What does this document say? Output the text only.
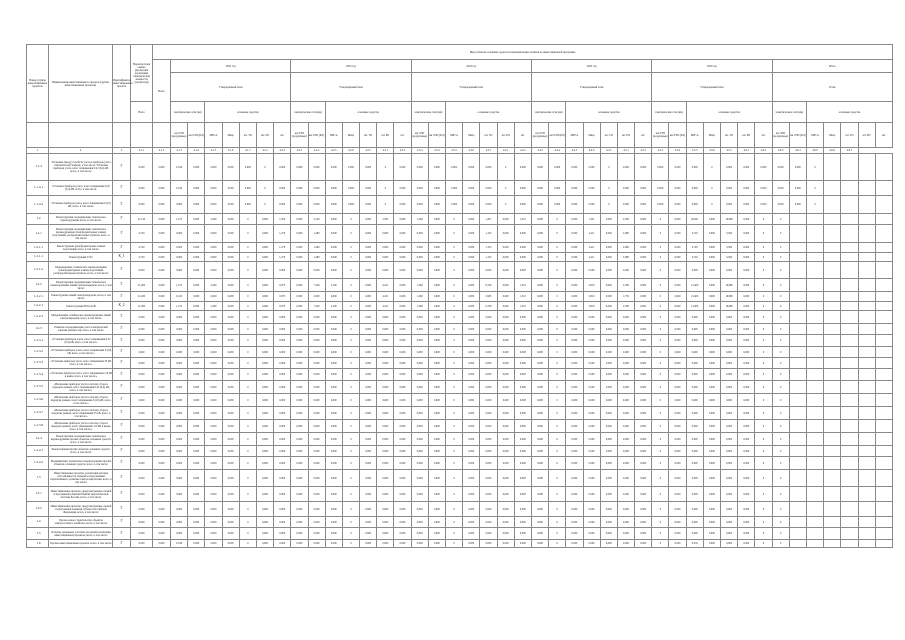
Номер группы инвестиционных проектов	Наименование инвестиционного проекта (группы инвестиционных проектов)	Идентификатор инвестиционного проекта	Вероятностная оценка (пропорция реализации электрической мощности (проценты))	Ввод объектов основных средств и нематериальных активов по инвестиционной программе																																										
				Всего	2022 год							2023 год							2024 год							2025 год							2026 год							Итого						
					Утвержденный план							Утвержденный план							Утвержденный план							Утвержденный план							Утвержденный план							План						
			Всего		электрические сети (км)		основные средства					электрические сети (км)		основные средства					электрические сети (км)		основные средства					электрические сети (км)		основные средства					электрические сети (км)		основные средства					электрические сети (км)		основные средства				
					км ЛЭП (воздушные)	км ЛЭП (КЛ)	МВ×А	Мвар	шт. ТП	шт. РП	шт.	км ЛЭП (воздушные)	км ЛЭП (КЛ)	МВ×А	Мвар	шт. ТП	шт. РП	шт.	км ЛЭП (воздушные)	км ЛЭП (КЛ)	МВ×А	Мвар	шт. ТП	шт. РП	шт.	км ЛЭП (воздушные)	км ЛЭП (КЛ)	МВ×А	Мвар	шт. ТП	шт. РП	шт.	км ЛЭП (воздушные)	км ЛЭП (КЛ)	МВ×А	Мвар	шт. ТП	шт. РП	шт.	км ЛЭП (воздушные)	км ЛЭП (КЛ)	МВ×А	Мвар	шт. ТП	шт. РП	шт.
1	2	3	4.1.1	4.1.2	4.1.3	4.1.4	4.1.5	4.1.6	4.1.7	4.2.1	4.2.2	4.2.3	4.2.4	4.2.5	4.2.6	4.2.7	4.3.1	4.3.2	4.3.3	4.3.4	4.3.5	4.3.6	4.3.7	4.4.1	4.4.2	4.4.3	4.4.4	4.4.5	4.4.6	4.4.7	4.5.1	4.5.2	4.5.3	4.5.4	4.5.5	4.5.6	4.5.7	4.6.1	4.6.2	4.6.3	4.6.4	4.6.5	4.6.6	4.6.7		
1.1.4	Установка (ввод) устройств учета и приборов учета электрической энергии, в том числе: Установка приборов учета, класс напряжения 0,22 (0,4) кВ, всего, в том числе:	Г	0,000	0,000	0,196	0,000	0,000	0,000	0,000	0	0,000	0,096	0,000	0,000	0,000	0,000	0	0,000	0,000	0,000	0,000	0,000	0,000	0	0,000	0,000	0,000	0,000	0,000	0	0,000	0,000	0,000	0,000	0,000	0	0,000	0,000	0,000	0,000	0,000	0				
1.1.4.1	Установка приборов учета, класс напряжения 0,22 (0,4) кВ, всего, в том числе:	Г	0,000	0,000	0,196	0,000	0,000	0,000	0,000	0	0,000	0,096	0,000	0,000	0,000	0,000	0	0,000	0,000	0,000	0,000	0,000	0,000	0	0,000	0,000	0,000	0,000	0,000	0	0,000	0,000	0,000	0,000	0,000	0	0,000	0,000	0,000	0,000	0,000	0				
1.1.4.2	Установка приборов учета, класс напряжения 6 (10) кВ, всего, в том числе:	Г	0,000	0,000	0,000	0,000	0,000	0,000	0,000	0	0,000	0,000	0,000	0,000	0,000	0,000	0	0,000	0,000	0,000	0,000	0,000	0,000	0	0,000	0,000	0,000	0,000	0,000	0	0,000	0,000	0,000	0,000	0,000	0	0,000	0,000	0,000	0,000	0,000	0				
1.2	Реконструкция, модернизация, техническое перевооружение всего, в том числе:	Г	21,120	0,000	1,272	0,000	2,400	0,000	0	0,000	1,050	0,000	2,140	0,000	0	0,000	2,395	0,000	1,260	0,000	0	0,000	1,207	0,000	1,510	0,000	0	0,000	1,331	0,000	2,580	0,000	0	0,000	26,941	0,000	19,896	0,000	0	0						
1.2.1	Реконструкция, модернизация, техническое перевооружение трансформаторных и иных подстанций, распределительных пунктов, всего, в том числе:	Г	4,720	0,000	0,000	0,000	0,000	0,000	0	0,000	1,270	0,000	1,480	0,000	0	0,000	0,000	0,000	0,000	0,000	0	0,000	1,135	0,000	0,000	0,000	0	0,000	2,411	0,000	2,080	0,000	0	0,000	4,720	0,000	3,560	0,000	0	0						
1.2.1.1	Реконструкция трансформаторных и иных подстанций, всего, в том числе:	Г	4,720	0,000	0,000	0,000	0,000	0,000	0	0,000	1,270	0,000	1,480	0,000	0	0,000	0,000	0,000	0,000	0,000	0	0,000	1,135	0,000	0,000	0,000	0	0,000	2,411	0,000	2,080	0,000	0	0,000	4,720	0,000	3,560	0,000	0	0						
1.2.1.1	Реконструкция ТП-2	К_1	4,720	0,000	0,000	0,000	0,000	0,000	0	0,000	1,270	0,000	1,480	0,000	0	0,000	0,000	0,000	0,000	0,000	0	0,000	1,135	0,000	0,000	0,000	0	0,000	2,411	0,000	2,080	0,000	0	0,000	4,720	0,000	3,560	0,000	0	0						
1.2.1.2	Модернизация, техническое перевооружение трансформаторных и иных подстанций, распределительных пунктов, всего, в том числе:	Г	0,000	0,000	0,000	0,000	0,000	0,000	0	0,000	0,000	0,000	0,000	0,000	0	0,000	0,000	0,000	0,000	0,000	0	0,000	0,000	0,000	0,000	0,000	0	0,000	0,000	0,000	0,000	0,000	0	0,000	0,000	0,000	0,000	0,000	0	0						
1.2.2	Реконструкция, модернизация, техническое перевооружение линий электропередачи, всего, в том числе:	Г	21,400	0,000	1,272	0,000	2,400	0,000	0	0,000	0,873	0,000	7,540	2,100	0	0,000	4,221	0,000	1,260	0,000	0	0,000	6,760	0,000	1,510	0,000	0	0,000	3,810	0,000	2,580	0,000	0	0,000	21,400	0,000	19,896	0,000	0	0						
1.2.2.1	Реконструкция линий электропередачи, всего, в том числе:	Г	21,400	0,000	0,140	0,000	0,000	0,000	0	0,000	0,873	0,000	2,000	0,000	0	0,000	4,221	0,000	1,260	0,000	0	0,000	2,985	0,000	1,510	0,000	0	0,000	3,810	0,000	1,750	0,000	0	0,000	21,400	0,000	19,896	0,000	0	0						
1.2.2.1	Реконструкция ВЛ-0,4 кВ	К_2	21,400	0,000	1,272	0,000	2,400	0,000	0	0,000	0,873	0,000	7,540	2,100	0	0,000	4,221	0,000	1,260	0,000	0	0,000	6,760	0,000	1,510	0,000	0	0,000	3,810	0,000	2,580	0,000	0	0,000	21,400	0,000	19,896	0,000	0	0						
1.2.2.2	Модернизация, техническое перевооружение линий электропередачи, всего, в том числе:	Г	0,000	0,000	0,000	0,000	0,000	0,000	0	0,000	0,000	0,000	0,000	0,000	0	0,000	0,000	0,000	0,000	0,000	0	0,000	0,000	0,000	0,000	0,000	0	0,000	0,000	0,000	0,000	0,000	0	0,000	0,000	0,000	0,000	0,000	0	0						
1.2.3	Развитие и модернизация учета электрической энергии (мощности), всего, в том числе:	Г	0,000	0,000	0,000	0,000	0,000	0,000	0	0,000	0,000	0,000	0,000	0,000	0	0,000	0,000	0,000	0,000	0,000	0	0,000	0,000	0,000	0,000	0,000	0	0,000	0,000	0,000	0,000	0,000	0	0,000	0,000	0,000	0,000	0,000	0	0						
1.2.3.1	«Установка приборов учета, класс напряжения 0,22 (0,4) кВ, всего, в том числе:»	Г	0,000	0,000	0,000	0,000	0,000	0,000	0	0,000	0,000	0,000	0,000	0,000	0	0,000	0,000	0,000	0,000	0,000	0	0,000	0,000	0,000	0,000	0,000	0	0,000	0,000	0,000	0,000	0,000	0	0,000	0,000	0,000	0,000	0,000	0	0						
1.2.3.2	«Установка приборов учета, класс напряжения 6 (10) кВ, всего, в том числе:»	Г	0,000	0,000	0,000	0,000	0,000	0,000	0	0,000	0,000	0,000	0,000	0,000	0	0,000	0,000	0,000	0,000	0,000	0	0,000	0,000	0,000	0,000	0,000	0	0,000	0,000	0,000	0,000	0,000	0	0,000	0,000	0,000	0,000	0,000	0	0						
1.2.3.3	«Установка приборов учета, класс напряжения 35 кВ, всего, в том числе:»	Г	0,000	0,000	0,000	0,000	0,000	0,000	0	0,000	0,000	0,000	0,000	0,000	0	0,000	0,000	0,000	0,000	0,000	0	0,000	0,000	0,000	0,000	0,000	0	0,000	0,000	0,000	0,000	0,000	0	0,000	0,000	0,000	0,000	0,000	0	0						
1.2.3.4	«Установка приборов учета, класс напряжения 110 кВ и выше, всего, в том числе:»	Г	0,000	0,000	0,000	0,000	0,000	0,000	0	0,000	0,000	0,000	0,000	0,000	0	0,000	0,000	0,000	0,000	0,000	0	0,000	0,000	0,000	0,000	0,000	0	0,000	0,000	0,000	0,000	0,000	0	0,000	0,000	0,000	0,000	0,000	0	0						
1.2.3.5	«Включение приборов учета в систему сбора и передачи данных, класс напряжения 0,22 (0,4) кВ, всего, в том числе:»	Г	0,000	0,000	0,000	0,000	0,000	0,000	0	0,000	0,000	0,000	0,000	0,000	0	0,000	0,000	0,000	0,000	0,000	0	0,000	0,000	0,000	0,000	0,000	0	0,000	0,000	0,000	0,000	0,000	0	0,000	0,000	0,000	0,000	0,000	0	0						
1.2.3.6	«Включение приборов учета в систему сбора и передачи данных, класс напряжения 6 (10) кВ, всего, в том числе:»	Г	0,000	0,000	0,000	0,000	0,000	0,000	0	0,000	0,000	0,000	0,000	0,000	0	0,000	0,000	0,000	0,000	0,000	0	0,000	0,000	0,000	0,000	0,000	0	0,000	0,000	0,000	0,000	0,000	0	0,000	0,000	0,000	0,000	0,000	0	0						
1.2.3.7	«Включение приборов учета в систему сбора и передачи данных, класс напряжения 35 кВ, всего, в том числе:»	Г	0,000	0,000	0,000	0,000	0,000	0,000	0	0,000	0,000	0,000	0,000	0,000	0	0,000	0,000	0,000	0,000	0,000	0	0,000	0,000	0,000	0,000	0,000	0	0,000	0,000	0,000	0,000	0,000	0	0,000	0,000	0,000	0,000	0,000	0	0						
1.2.3.8	«Включение приборов учета в систему сбора и передачи данных, класс напряжения 110 кВ и выше, всего, в том числе:»	Г	0,000	0,000	0,000	0,000	0,000	0,000	0	0,000	0,000	0,000	0,000	0,000	0	0,000	0,000	0,000	0,000	0,000	0	0,000	0,000	0,000	0,000	0,000	0	0,000	0,000	0,000	0,000	0,000	0	0,000	0,000	0,000	0,000	0,000	0	0						
1.2.4	Реконструкция, модернизация, техническое перевооружение прочих объектов основных средств, всего, в том числе:	Г	0,000	0,000	0,000	0,000	0,000	0,000	0	0,000	0,000	0,000	0,000	0,000	0	0,000	0,000	0,000	0,000	0,000	0	0,000	0,000	0,000	0,000	0,000	0	0,000	0,000	0,000	0,000	0,000	0	0,000	0,000	0,000	0,000	0,000	0	0						
1.2.4.1	Реконструкция прочих объектов основных средств, всего, в том числе:	Г	0,000	0,000	0,000	0,000	0,000	0,000	0	0,000	0,000	0,000	0,000	0,000	0	0,000	0,000	0,000	0,000	0,000	0	0,000	0,000	0,000	0,000	0,000	0	0,000	0,000	0,000	0,000	0,000	0	0,000	0,000	0,000	0,000	0,000	0	0						
1.2.4.2	Модернизация, техническое перевооружение прочих объектов основных средств, всего, в том числе:	Г	0,000	0,000	0,000	0,000	0,000	0,000	0	0,000	0,000	0,000	0,000	0,000	0	0,000	0,000	0,000	0,000	0,000	0	0,000	0,000	0,000	0,000	0,000	0	0,000	0,000	0,000	0,000	0,000	0	0,000	0,000	0,000	0,000	0,000	0	0						
1.3	Инвестиционные проекты, реализация которых обуславливается схемами и программами перспективного развития электроэнергетики, всего, в том числе:	Г	0,000	0,000	0,000	0,000	0,000	0,000	0	0,000	0,000	0,000	0,000	0,000	0	0,000	0,000	0,000	0,000	0,000	0	0,000	0,000	0,000	0,000	0,000	0	0,000	0,000	0,000	0,000	0,000	0	0,000	0,000	0,000	0,000	0,000	0	0						
1.3.1	Инвестиционные проекты, предусмотренные схемой и программой развития Единой энергетической системы России, всего, в том числе:	Г	0,000	0,000	0,000	0,000	0,000	0,000	0	0,000	0,000	0,000	0,000	0,000	0	0,000	0,000	0,000	0,000	0,000	0	0,000	0,000	0,000	0,000	0,000	0	0,000	0,000	0,000	0,000	0,000	0	0,000	0,000	0,000	0,000	0,000	0	0						
1.3.2	Инвестиционные проекты, предусмотренные схемой и программой развития субъекта Российской Федерации, всего, в том числе:	Г	0,000	0,000	0,000	0,000	0,000	0,000	0	0,000	0,000	0,000	0,000	0,000	0	0,000	0,000	0,000	0,000	0,000	0	0,000	0,000	0,000	0,000	0,000	0	0,000	0,000	0,000	0,000	0,000	0	0,000	0,000	0,000	0,000	0,000	0	0						
1.4	Прочее новое строительство объектов электросетевого хозяйства, всего, в том числе:	Г	0,000	0,000	0,000	0,000	0,000	0,000	0	0,000	0,000	0,000	0,000	0,000	0	0,000	0,000	0,000	0,000	0,000	0	0,000	0,000	0,000	0,000	0,000	0	0,000	0,000	0,000	0,000	0,000	0	0,000	0,000	0,000	0,000	0,000	0	0						
1.5	Покупка земельных участков для целей реализации инвестиционных проектов, всего, в том числе:	Г	0,000	0,000	0,000	0,000	0,000	0,000	0	0,000	0,000	0,000	0,000	0,000	0	0,000	0,000	0,000	0,000	0,000	0	0,000	0,000	0,000	0,000	0,000	0	0,000	0,000	0,000	0,000	0,000	0	0,000	0,000	0,000	0,000	0,000	0	0						
1.6	Прочие инвестиционные проекты, всего, в том числе:	Г	0,000	0,000	0,239	0,000	0,000	0,000	0	0,000	0,000	0,000	0,000	0,000	0	0,000	0,000	0,000	0,000	0,000	0	0,000	0,000	0,000	0,000	0,000	0	0,000	0,000	0,000	0,000	0,000	0	0,000	0,239	0,000	0,000	0,000	0	0						
